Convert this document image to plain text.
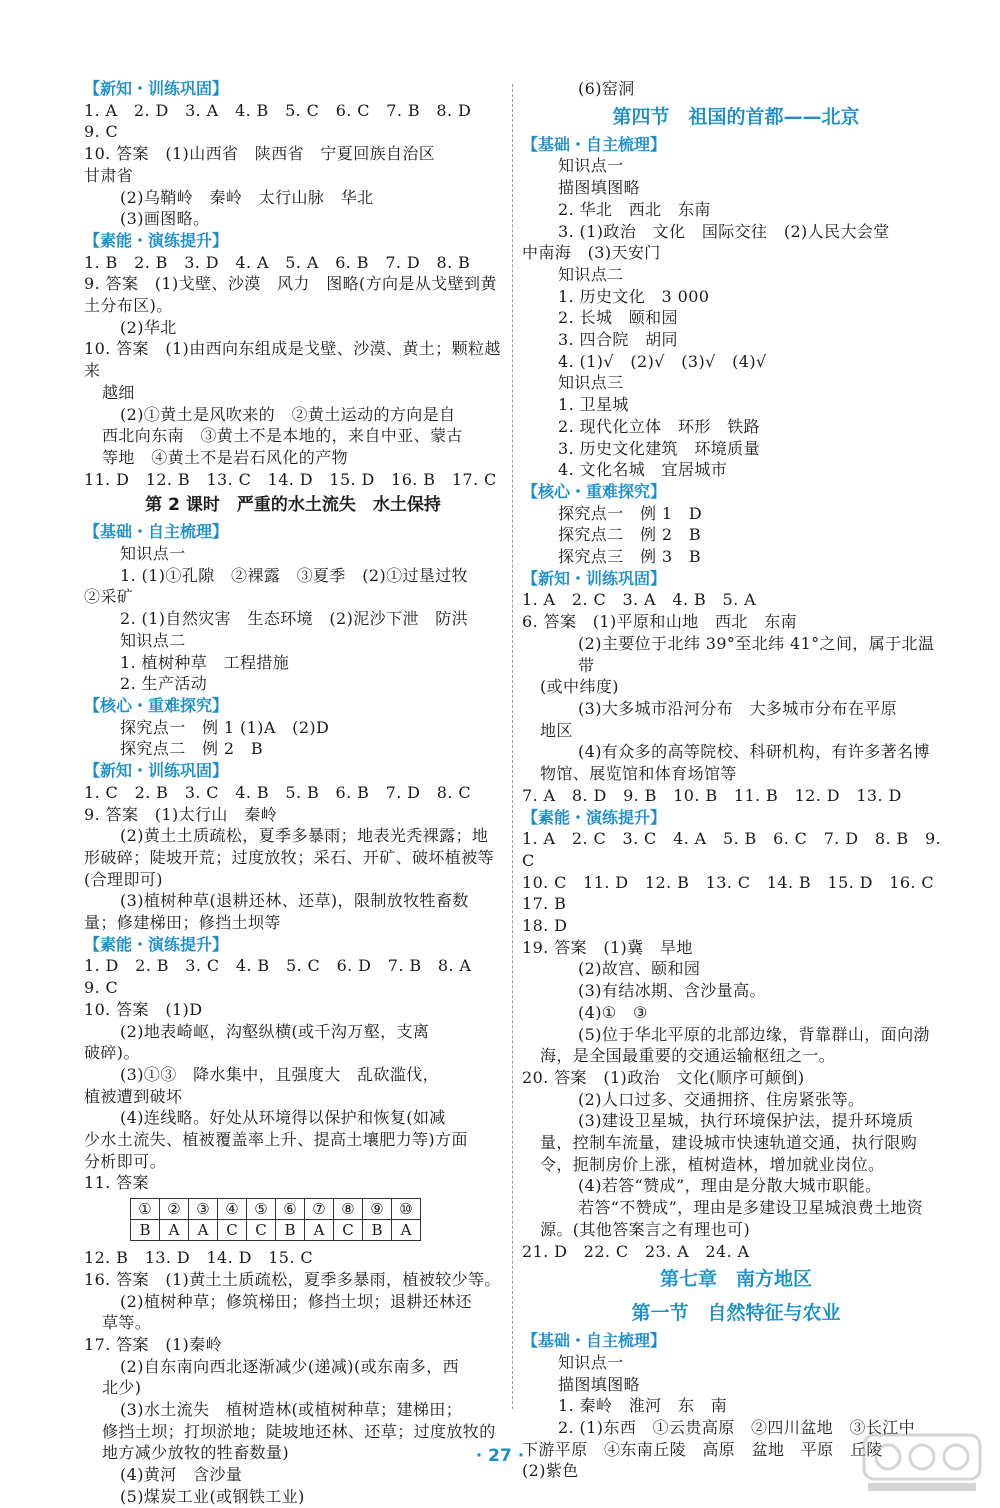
【新知・训练巩固】
1. A　2. D　3. A　4. B　5. C　6. C　7. B　8. D　9. C
10. 答案　(1)山西省　陕西省　宁夏回族自治区
甘肃省
(2)乌鞘岭　秦岭　太行山脉　华北
(3)画图略。
【素能・演练提升】
1. B　2. B　3. D　4. A　5. A　6. B　7. D　8. B
9. 答案　(1)戈壁、沙漠　风力　图略(方向是从戈壁到黄
土分布区)。
(2)华北
10. 答案　(1)由西向东组成是戈壁、沙漠、黄土；颗粒越来
越细
(2)①黄土是风吹来的　②黄土运动的方向是自
西北向东南　③黄土不是本地的，来自中亚、蒙古
等地　④黄土不是岩石风化的产物
11. D　12. B　13. C　14. D　15. D　16. B　17. C
第 2 课时　严重的水土流失　水土保持
【基础・自主梳理】
知识点一
1. (1)①孔隙　②裸露　③夏季　(2)①过垦过牧
②采矿
2. (1)自然灾害　生态环境　(2)泥沙下泄　防洪
知识点二
1. 植树种草　工程措施
2. 生产活动
【核心・重难探究】
探究点一　例 1 (1)A　(2)D
探究点二　例 2　B
【新知・训练巩固】
1. C　2. B　3. C　4. B　5. B　6. B　7. D　8. C
9. 答案　(1)太行山　秦岭
(2)黄土土质疏松，夏季多暴雨；地表光秃裸露；地
形破碎；陡坡开荒；过度放牧；采石、开矿、破坏植被等
(合理即可)
(3)植树种草(退耕还林、还草)，限制放牧牲畜数
量；修建梯田；修挡土坝等
【素能・演练提升】
1. D　2. B　3. C　4. B　5. C　6. D　7. B　8. A　9. C
10. 答案　(1)D
(2)地表崎岖，沟壑纵横(或千沟万壑，支离
破碎)。
(3)①③　降水集中，且强度大　乱砍滥伐，
植被遭到破坏
(4)连线略。好处从环境得以保护和恢复(如减
少水土流失、植被覆盖率上升、提高土壤肥力等)方面
分析即可。
11. 答案
①	②	③	④	⑤	⑥	⑦	⑧	⑨	⑩
B	A	A	C	C	B	A	C	B	A
12. B　13. D　14. D　15. C
16. 答案　(1)黄土土质疏松，夏季多暴雨，植被较少等。
(2)植树种草；修筑梯田；修挡土坝；退耕还林还
草等。
17. 答案　(1)秦岭
(2)自东南向西北逐渐减少(递减)(或东南多，西
北少)
(3)水土流失　植树造林(或植树种草；建梯田；
修挡土坝；打坝淤地；陡坡地还林、还草；过度放牧的
地方减少放牧的牲畜数量)
(4)黄河　含沙量
(5)煤炭工业(或钢铁工业)
(6)窑洞
第四节　祖国的首都——北京
【基础・自主梳理】
知识点一
描图填图略
2. 华北　西北　东南
3. (1)政治　文化　国际交往　(2)人民大会堂
中南海　(3)天安门
知识点二
1. 历史文化　3 000
2. 长城　颐和园
3. 四合院　胡同
4. (1)√　(2)√　(3)√　(4)√
知识点三
1. 卫星城
2. 现代化立体　环形　铁路
3. 历史文化建筑　环境质量
4. 文化名城　宜居城市
【核心・重难探究】
探究点一　例 1　D
探究点二　例 2　B
探究点三　例 3　B
【新知・训练巩固】
1. A　2. C　3. A　4. B　5. A
6. 答案　(1)平原和山地　西北　东南
(2)主要位于北纬 39°至北纬 41°之间，属于北温带
(或中纬度)
(3)大多城市沿河分布　大多城市分布在平原
地区
(4)有众多的高等院校、科研机构，有许多著名博
物馆、展览馆和体育场馆等
7. A　8. D　9. B　10. B　11. B　12. D　13. D
【素能・演练提升】
1. A　2. C　3. C　4. A　5. B　6. C　7. D　8. B　9. C
10. C　11. D　12. B　13. C　14. B　15. D　16. C　17. B
18. D
19. 答案　(1)冀　旱地
(2)故宫、颐和园
(3)有结冰期、含沙量高。
(4)①　③
(5)位于华北平原的北部边缘，背靠群山，面向渤
海，是全国最重要的交通运输枢纽之一。
20. 答案　(1)政治　文化(顺序可颠倒)
(2)人口过多、交通拥挤、住房紧张等。
(3)建设卫星城，执行环境保护法，提升环境质
量，控制车流量，建设城市快速轨道交通，执行限购
令，扼制房价上涨，植树造林，增加就业岗位。
(4)若答“赞成”，理由是分散大城市职能。
若答“不赞成”，理由是多建设卫星城浪费土地资
源。(其他答案言之有理也可)
21. D　22. C　23. A　24. A
第七章　南方地区
第一节　自然特征与农业
【基础・自主梳理】
知识点一
描图填图略
1. 秦岭　淮河　东　南
2. (1)东西　①云贵高原　②四川盆地　③长江中
下游平原　④东南丘陵　高原　盆地　平原　丘陵
(2)紫色
· 27 ·
